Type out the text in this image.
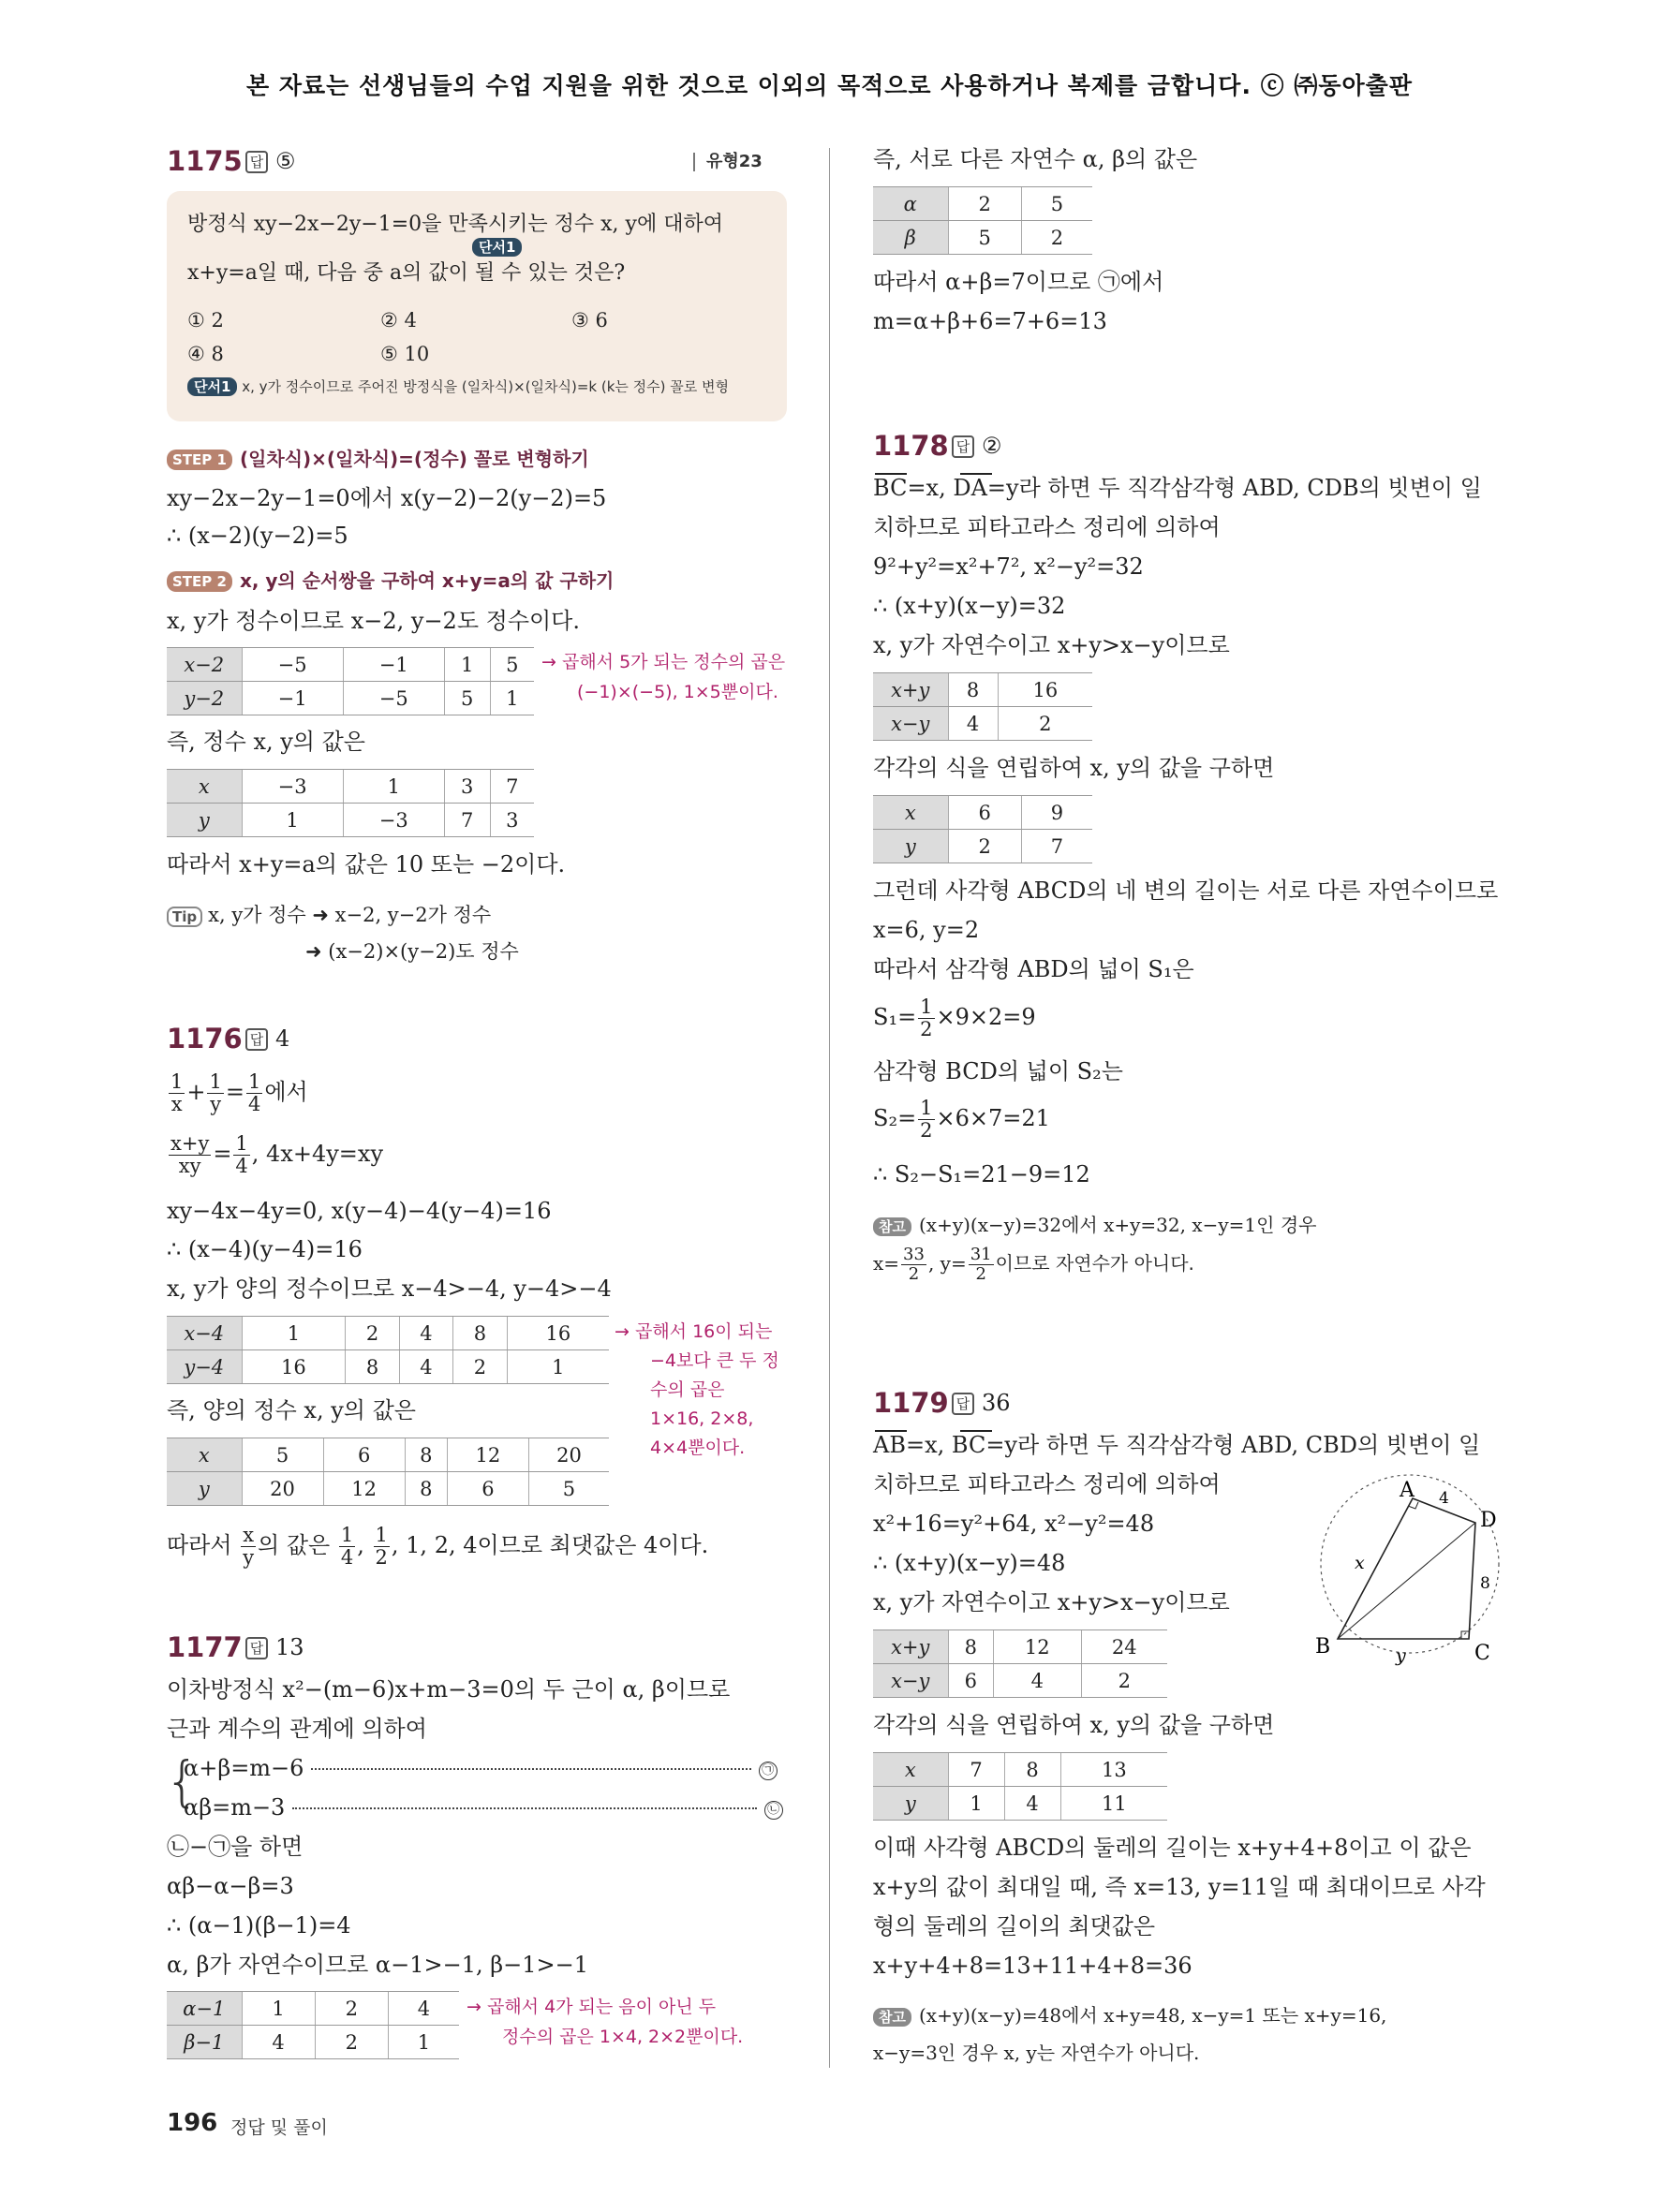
본 자료는 선생님들의 수업 지원을 위한 것으로 이외의 목적으로 사용하거나 복제를 금합니다. ⓒ ㈜동아출판
1175 답 ⑤	유형23
방정식 xy−2x−2y−1=0을 만족시키는 정수 x, y에 대하여
단서1
x+y=a일 때, 다음 중 a의 값이 될 수 있는 것은?
① 2	② 4	③ 6
④ 8	⑤ 10
단서1 x, y가 정수이므로 주어진 방정식을 (일차식)×(일차식)=k (k는 정수) 꼴로 변형
STEP 1 (일차식)×(일차식)=(정수) 꼴로 변형하기
xy−2x−2y−1=0에서 x(y−2)−2(y−2)=5
∴ (x−2)(y−2)=5
STEP 2 x, y의 순서쌍을 구하여 x+y=a의 값 구하기
x, y가 정수이므로 x−2, y−2도 정수이다.
x−2	−5	−1	1	5
y−2	−1	−5	5	1
→ 곱해서 5가 되는 정수의 곱은
(−1)×(−5), 1×5뿐이다.
즉, 정수 x, y의 값은
x	−3	1	3	7
y	1	−3	7	3
따라서 x+y=a의 값은 10 또는 −2이다.
Tip x, y가 정수 ➜ x−2, y−2가 정수
➜ (x−2)×(y−2)도 정수
1176 답 4
$\frac{1}{x} + \frac{1}{y} = \frac{1}{4}$ 에서
$\frac{x+y}{xy} = \frac{1}{4}$ , 4x+4y=xy
xy−4x−4y=0, x(y−4)−4(y−4)=16
∴ (x−4)(y−4)=16
x, y가 양의 정수이므로 x−4>−4, y−4>−4
x−4	1	2	4	8	16
y−4	16	8	4	2	1
→ 곱해서 16이 되는
−4보다 큰 두 정
수의 곱은
1×16, 2×8,
4×4뿐이다.
즉, 양의 정수 x, y의 값은
x	5	6	8	12	20
y	20	12	8	6	5
따라서 $\frac{x}{y}$ 의 값은 $\frac{1}{4}$ , $\frac{1}{2}$ , 1, 2, 4이므로 최댓값은 4이다.
1177 답 13
이차방정식 x²−(m−6)x+m−3=0의 두 근이 α, β이므로
근과 계수의 관계에 의하여
{
α+β=m−6	㉠
αβ=m−3	㉡
㉡−㉠을 하면
αβ−α−β=3
∴ (α−1)(β−1)=4
α, β가 자연수이므로 α−1>−1, β−1>−1
α−1	1	2	4
β−1	4	2	1
→ 곱해서 4가 되는 음이 아닌 두
정수의 곱은 1×4, 2×2뿐이다.
즉, 서로 다른 자연수 α, β의 값은
α	2	5
β	5	2
따라서 α+β=7이므로 ㉠에서
m=α+β+6=7+6=13
1178 답 ②
BC=x, DA=y라 하면 두 직각삼각형 ABD, CDB의 빗변이 일
치하므로 피타고라스 정리에 의하여
9²+y²=x²+7², x²−y²=32
∴ (x+y)(x−y)=32
x, y가 자연수이고 x+y>x−y이므로
x+y	8	16
x−y	4	2
각각의 식을 연립하여 x, y의 값을 구하면
x	6	9
y	2	7
그런데 사각형 ABCD의 네 변의 길이는 서로 다른 자연수이므로
x=6, y=2
따라서 삼각형 ABD의 넓이 S₁은
$S_1= \frac{1}{2} \times 9\times 2=9$
삼각형 BCD의 넓이 S₂는
$S_2= \frac{1}{2} \times 6\times 7=21$
∴ S₂−S₁=21−9=12
참고 (x+y)(x−y)=32에서 x+y=32, x−y=1인 경우
$x= \frac{33}{2}$ , $y= \frac{31}{2}$ 이므로 자연수가 아니다.
1179 답 36
AB=x, BC=y라 하면 두 직각삼각형 ABD, CBD의 빗변이 일
치하므로 피타고라스 정리에 의하여
x²+16=y²+64, x²−y²=48
∴ (x+y)(x−y)=48
x, y가 자연수이고 x+y>x−y이므로
x+y	8	12	24
x−y	6	4	2
각각의 식을 연립하여 x, y의 값을 구하면
x	7	8	13
y	1	4	11
이때 사각형 ABCD의 둘레의 길이는 x+y+4+8이고 이 값은
x+y의 값이 최대일 때, 즉 x=13, y=11일 때 최대이므로 사각
형의 둘레의 길이의 최댓값은
x+y+4+8=13+11+4+8=36
참고 (x+y)(x−y)=48에서 x+y=48, x−y=1 또는 x+y=16,
x−y=3인 경우 x, y는 자연수가 아니다.
A
B	C
D
4
8
x
y
196 정답 및 풀이
